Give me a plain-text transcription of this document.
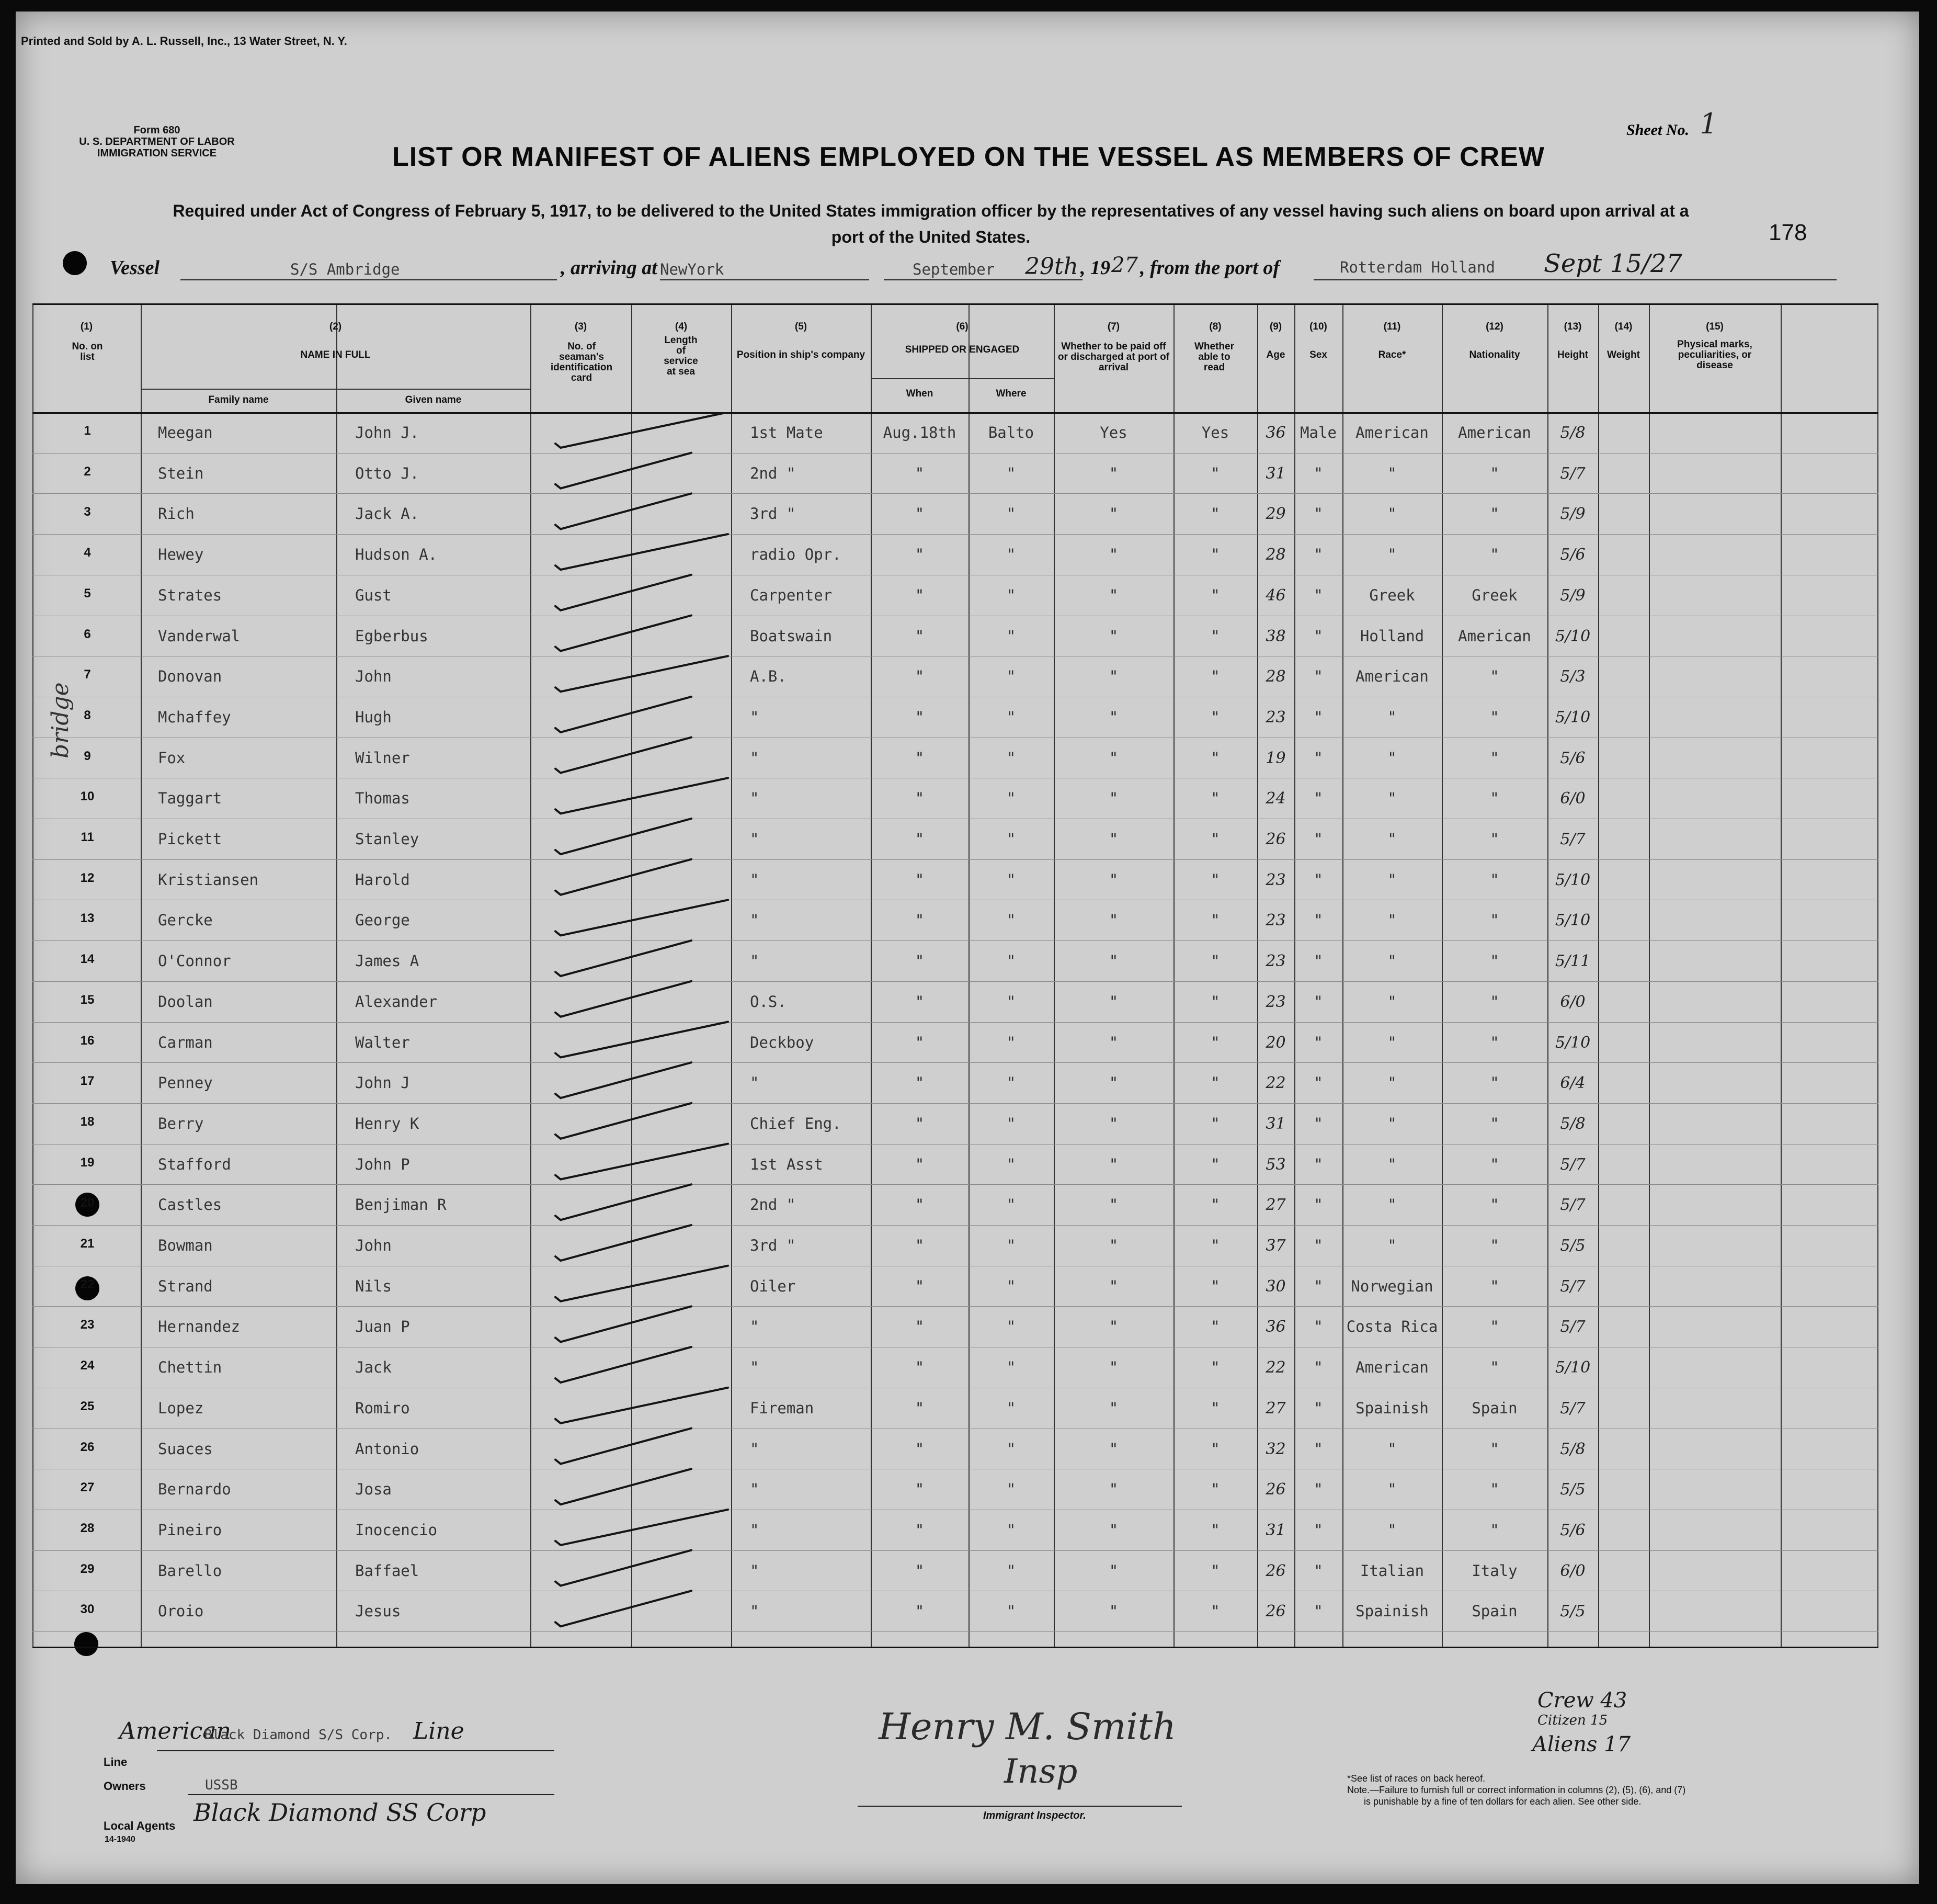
Printed and Sold by A. L. Russell, Inc., 13 Water Street, N. Y.
Form 680
U. S. DEPARTMENT OF LABOR
IMMIGRATION SERVICE
Sheet No. 1
LIST OR MANIFEST OF ALIENS EMPLOYED ON THE VESSEL AS MEMBERS OF CREW
Required under Act of Congress of February 5, 1917, to be delivered to the United States immigration officer by the representatives of any vessel having such aliens on board upon arrival at a
port of the United States.	178
Vessel	S/S Ambridge	, arriving at NewYork	September 29th , 19 27 , from the port of	Rotterdam Holland Sept 15/27
(1)
No. on list
(2)
NAME IN FULL
Family name	Given name
(3)
No. of seaman's identification card
(4)
Length of service at sea
(5)
Position in ship's company
(6)
SHIPPED OR ENGAGED
When	Where
(7)
Whether to be paid off or discharged at port of arrival
(8)
Whether able to read
(9)
Age
(10)
Sex
(11)
Race*
(12)
Nationality
(13)
Height
(14)
Weight
(15)
Physical marks, peculiarities, or disease
1	Meegan	John J.	1st Mate	Aug.18th	Balto	Yes	Yes	36 Male	American	American	5/8
2	Stein	Otto J.	2nd "	"	"	"	"	31	"	"	"	5/7
3	Rich	Jack A.	3rd "	"	"	"	"	29	"	"	"	5/9
4	Hewey	Hudson A.	radio Opr.	"	"	"	"	28	"	"	"	5/6
5	Strates	Gust	Carpenter	"	"	"	"	46	"	Greek	Greek	5/9
6	Vanderwal	Egberbus	Boatswain	"	"	"	"	38	"	Holland	American	5/10
7	Donovan	John	A.B.	"	"	"	"	28	"	American	"	5/3
8	Mchaffey	Hugh	"	"	"	"	"	23	"	"	"	5/10
9	Fox	Wilner	"	"	"	"	"	19	"	"	"	5/6
10	Taggart	Thomas	"	"	"	"	"	24	"	"	"	6/0
11	Pickett	Stanley	"	"	"	"	"	26	"	"	"	5/7
12	Kristiansen	Harold	"	"	"	"	"	23	"	"	"	5/10
13	Gercke	George	"	"	"	"	"	23	"	"	"	5/10
14	O'Connor	James A	"	"	"	"	"	23	"	"	"	5/11
15	Doolan	Alexander	O.S.	"	"	"	"	23	"	"	"	6/0
16	Carman	Walter	Deckboy	"	"	"	"	20	"	"	"	5/10
17	Penney	John J	"	"	"	"	"	22	"	"	"	6/4
18	Berry	Henry K	Chief Eng.	"	"	"	"	31	"	"	"	5/8
19	Stafford	John P	1st Asst	"	"	"	"	53	"	"	"	5/7
20	Castles	Benjiman R	2nd "	"	"	"	"	27	"	"	"	5/7
21	Bowman	John	3rd "	"	"	"	"	37	"	"	"	5/5
22	Strand	Nils	Oiler	"	"	"	"	30	"	Norwegian	"	5/7
23	Hernandez	Juan P	"	"	"	"	"	36	"	Costa Rica	"	5/7
24	Chettin	Jack	"	"	"	"	"	22	"	American	"	5/10
25	Lopez	Romiro	Fireman	"	"	"	"	27	"	Spainish	Spain	5/7
26	Suaces	Antonio	"	"	"	"	"	32	"	"	"	5/8
27	Bernardo	Josa	"	"	"	"	"	26	"	"	"	5/5
28	Pineiro	Inocencio	"	"	"	"	"	31	"	"	"	5/6
29	Barello	Baffael	"	"	"	"	"	26	"	Italian	Italy	6/0
30	Oroio	Jesus	"	"	"	"	"	26	"	Spainish	Spain	5/5
bridge
American
Black Diamond S/S Corp. Line
Line
Owners	USSB
Black Diamond SS Corp
Local Agents
14-1940
Henry M. Smith
Insp
Immigrant Inspector.
Crew 43
Citizen 15
Aliens 17
*See list of races on back hereof.
Note.—Failure to furnish full or correct information in columns (2), (5), (6), and (7)
is punishable by a fine of ten dollars for each alien. See other side.
